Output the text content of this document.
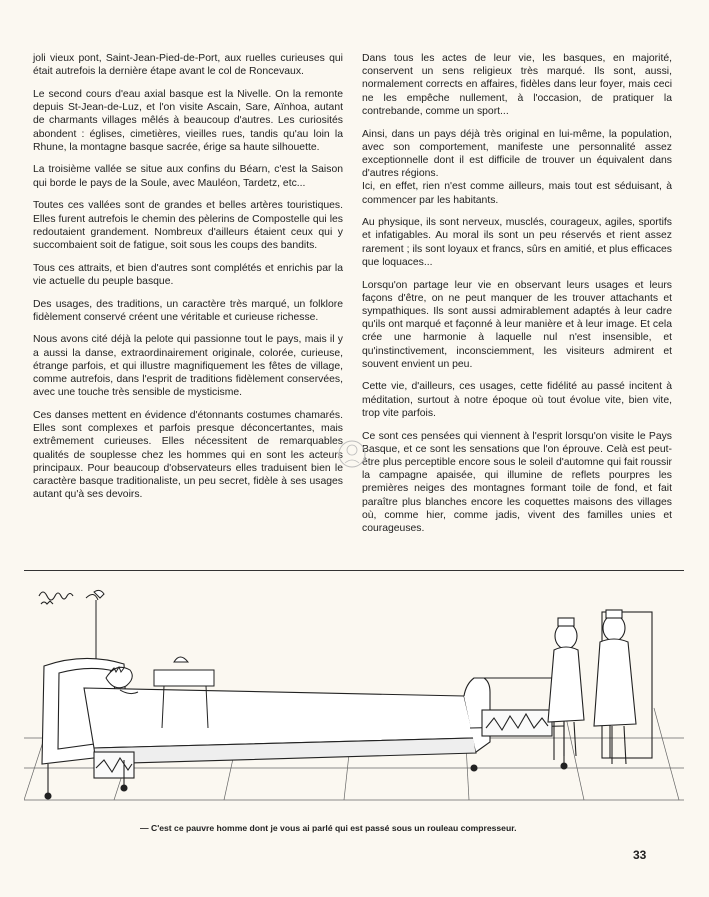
joli vieux pont, Saint-Jean-Pied-de-Port, aux ruelles curieuses qui était autrefois la dernière étape avant le col de Roncevaux.

Le second cours d'eau axial basque est la Nivelle. On la remonte depuis St-Jean-de-Luz, et l'on visite Ascain, Sare, Aïnhoa, autant de charmants villages mêlés à beaucoup d'autres. Les curiosités abondent : églises, cimetières, vieilles rues, tandis qu'au loin la Rhune, la montagne basque sacrée, érige sa haute silhouette.

La troisième vallée se situe aux confins du Béarn, c'est la Saison qui borde le pays de la Soule, avec Mauléon, Tardetz, etc...

Toutes ces vallées sont de grandes et belles artères touristiques. Elles furent autrefois le chemin des pèlerins de Compostelle qui les redoutaient grandement. Nombreux d'ailleurs étaient ceux qui y succombaient soit de fatigue, soit sous les coups des bandits.

Tous ces attraits, et bien d'autres sont complétés et enrichis par la vie actuelle du peuple basque.

Des usages, des traditions, un caractère très marqué, un folklore fidèlement conservé créent une véritable et curieuse richesse.

Nous avons cité déjà la pelote qui passionne tout le pays, mais il y a aussi la danse, extraordinairement originale, colorée, curieuse, étrange parfois, et qui illustre magnifiquement les fêtes de village, comme autrefois, dans l'esprit de traditions fidèlement conservées, avec une touche très sensible de mysticisme.

Ces danses mettent en évidence d'étonnants costumes chamarés. Elles sont complexes et parfois presque déconcertantes, mais extrêmement curieuses. Elles nécessitent de remarquables qualités de souplesse chez les hommes qui en sont les acteurs principaux. Pour beaucoup d'observateurs elles traduisent bien le caractère basque traditionaliste, un peu secret, fidèle à ses usages autant qu'à ses devoirs.

Dans tous les actes de leur vie, les basques, en majorité, conservent un sens religieux très marqué. Ils sont, aussi, normalement corrects en affaires, fidèles dans leur foyer, mais ceci ne les empêche nullement, à l'occasion, de pratiquer la contrebande, comme un sport...

Ainsi, dans un pays déjà très original en lui-même, la population, avec son comportement, manifeste une personnalité assez exceptionnelle dont il est difficile de trouver un équivalent dans d'autres régions.

Ici, en effet, rien n'est comme ailleurs, mais tout est séduisant, à commencer par les habitants.

Au physique, ils sont nerveux, musclés, courageux, agiles, sportifs et infatigables. Au moral ils sont un peu réservés et rient assez rarement ; ils sont loyaux et francs, sûrs en amitié, et plus efficaces que loquaces...

Lorsqu'on partage leur vie en observant leurs usages et leurs façons d'être, on ne peut manquer de les trouver attachants et sympathiques. Ils sont aussi admirablement adaptés à leur cadre qu'ils ont marqué et façonné à leur manière et à leur image. Et cela crée une harmonie à laquelle nul n'est insensible, et qu'instinctivement, inconsciemment, les visiteurs admirent et souvent envient un peu.

Cette vie, d'ailleurs, ces usages, cette fidélité au passé incitent à méditation, surtout à notre époque où tout évolue vite, bien vite, trop vite parfois.

Ce sont ces pensées qui viennent à l'esprit lorsqu'on visite le Pays Basque, et ce sont les sensations que l'on éprouve. Celà est peut-être plus perceptible encore sous le soleil d'automne qui fait roussir la campagne apaisée, qui illumine de reflets pourpres les premières neiges des montagnes formant toile de fond, et fait paraître plus blanches encore les coquettes maisons des villages où, comme hier, comme jadis, vivent des familles unies et courageuses.

— C'est ce pauvre homme dont je vous ai parlé qui est passé sous un rouleau compresseur.
33
